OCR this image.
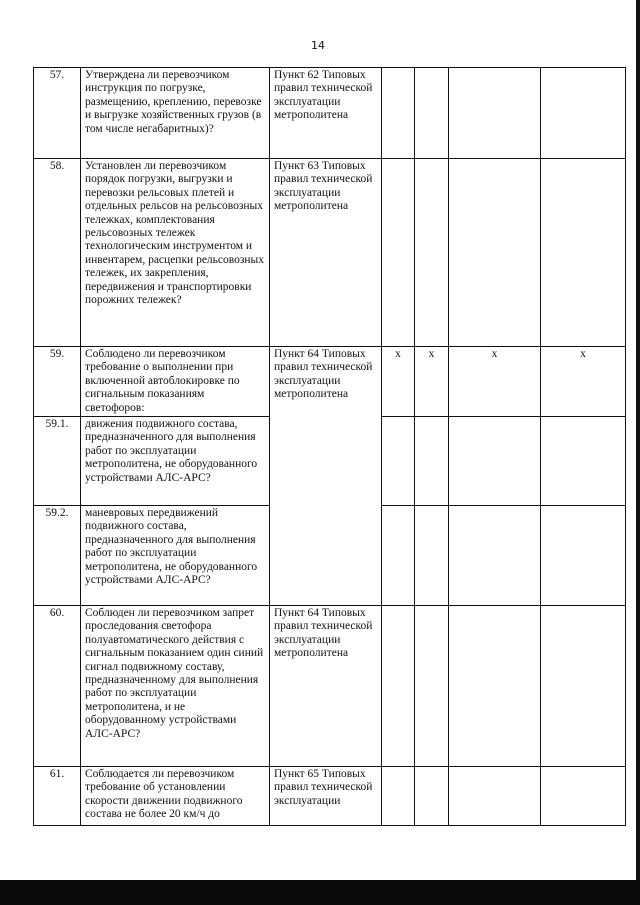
14
57.	Утверждена ли перевозчиком инструкция по погрузке, размещению, креплению, перевозке и выгрузке хозяйственных грузов (в том числе негабаритных)?	Пункт 62 Типовых правил технической эксплуатации метрополитена				
58.	Установлен ли перевозчиком порядок погрузки, выгрузки и перевозки рельсовых плетей и отдельных рельсов на рельсовозных тележках, комплектования рельсовозных тележек технологическим инструментом и инвентарем, расцепки рельсовозных тележек, их закрепления, передвижения и транспортировки порожних тележек?	Пункт 63 Типовых правил технической эксплуатации метрополитена				
59.	Соблюдено ли перевозчиком требование о выполнении при включенной автоблокировке по сигнальным показаниям светофоров:	Пункт 64 Типовых правил технической эксплуатации метрополитена	х	х	х	х
59.1.	движения подвижного состава, предназначенного для выполнения работ по эксплуатации метрополитена, не оборудованного устройствами АЛС-АРС?					
59.2.	маневровых передвижений подвижного состава, предназначенного для выполнения работ по эксплуатации метрополитена, не оборудованного устройствами АЛС-АРС?					
60.	Соблюден ли перевозчиком запрет проследования светофора полуавтоматического действия с сигнальным показанием один синий сигнал подвижному составу, предназначенному для выполнения работ по эксплуатации метрополитена, и не оборудованному устройствами АЛС-АРС?	Пункт 64 Типовых правил технической эксплуатации метрополитена				
61.	Соблюдается ли перевозчиком требование об установлении скорости движении подвижного состава не более 20 км/ч до	Пункт 65 Типовых правил технической эксплуатации				
